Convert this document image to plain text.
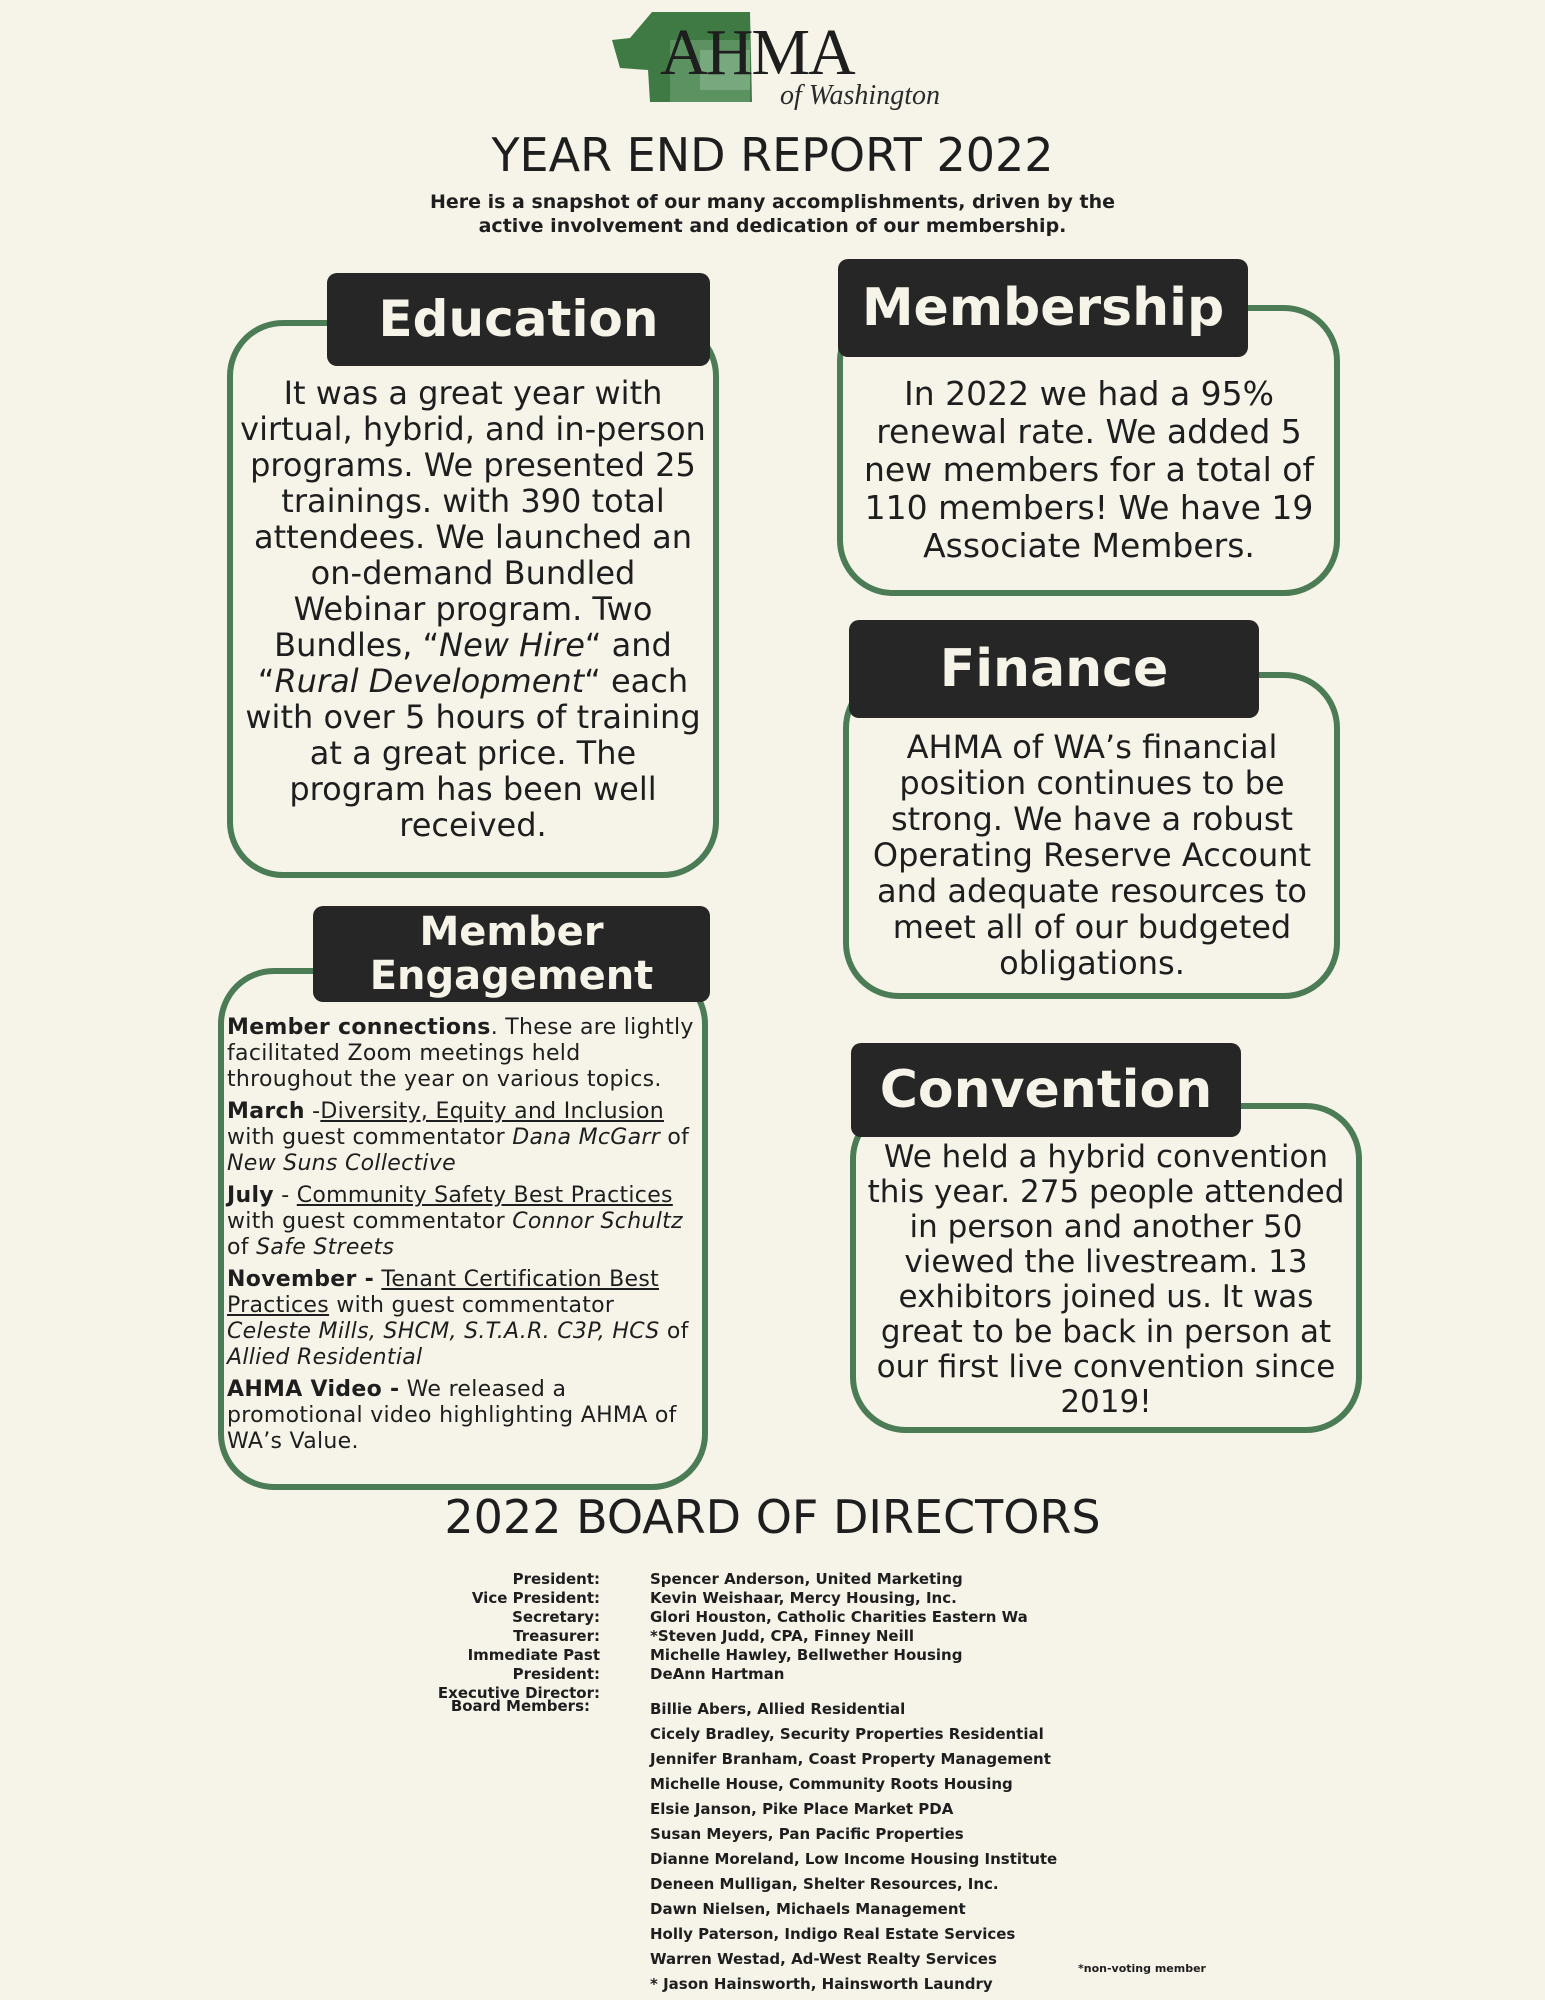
AHMA
of Washington
YEAR END REPORT 2022
Here is a snapshot of our many accomplishments, driven by the active involvement and dedication of our membership.
Education
It was a great year with virtual, hybrid, and in-person programs. We presented 25 trainings. with 390 total attendees. We launched an on-demand Bundled Webinar program. Two Bundles, “New Hire“ and “Rural Development“ each with over 5 hours of training at a great price. The program has been well received.
Membership
In 2022 we had a 95% renewal rate. We added 5 new members for a total of 110 members! We have 19 Associate Members.
Finance
AHMA of WA’s financial position continues to be strong. We have a robust Operating Reserve Account and adequate resources to meet all of our budgeted obligations.
Member
Engagement

Member connections. These are lightly facilitated Zoom meetings held throughout the year on various topics.

March -Diversity, Equity and Inclusion with guest commentator Dana McGarr of New Suns Collective

July - Community Safety Best Practices with guest commentator Connor Schultz of Safe Streets

November - Tenant Certification Best Practices with guest commentator Celeste Mills, SHCM, S.T.A.R. C3P, HCS of Allied Residential

AHMA Video - We released a promotional video highlighting AHMA of WA’s Value.

Convention
We held a hybrid convention this year. 275 people attended in person and another 50 viewed the livestream. 13 exhibitors joined us. It was great to be back in person at our first live convention since 2019!
2022 BOARD OF DIRECTORS
President:
Vice President:
Secretary:
Treasurer:
Immediate Past President:
Executive Director:
Spencer Anderson, United Marketing
Kevin Weishaar, Mercy Housing, Inc.
Glori Houston, Catholic Charities Eastern Wa
*Steven Judd, CPA, Finney Neill
Michelle Hawley, Bellwether Housing
DeAnn Hartman
Board Members:	Billie Abers, Allied Residential
Cicely Bradley, Security Properties Residential
Jennifer Branham, Coast Property Management
Michelle House, Community Roots Housing
Elsie Janson, Pike Place Market PDA
Susan Meyers, Pan Pacific Properties
Dianne Moreland, Low Income Housing Institute
Deneen Mulligan, Shelter Resources, Inc.
Dawn Nielsen, Michaels Management
Holly Paterson, Indigo Real Estate Services
Warren Westad, Ad-West Realty Services
* Jason Hainsworth, Hainsworth Laundry
*non-voting member
